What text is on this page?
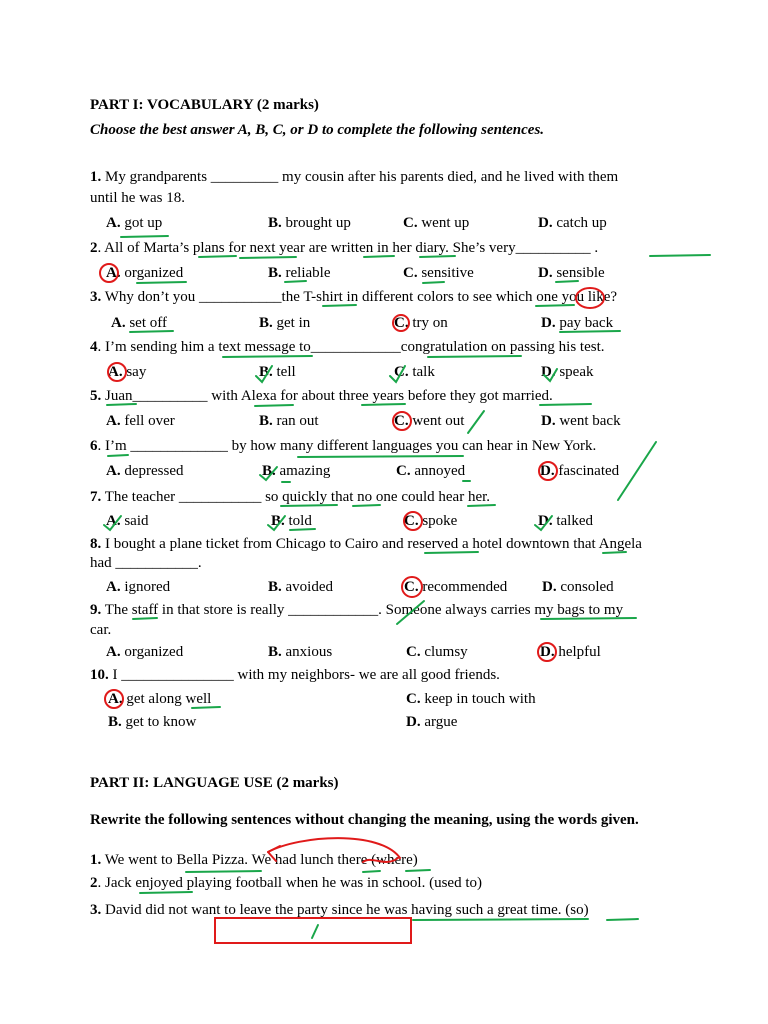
PART I: VOCABULARY (2 marks)
Choose the best answer A, B, C, or D to complete the following sentences.
1. My grandparents _________ my cousin after his parents died, and he lived with them
until he was 18.
A. got up	B. brought up	C. went up	D. catch up
2. All of Marta’s plans for next year are written in her diary. She’s very__________ .
A. organized	B. reliable	C. sensitive	D. sensible
3. Why don’t you ___________the T-shirt in different colors to see which one you like?
A. set off	B. get in	C. try on	D. pay back
4. I’m sending him a text message to____________congratulation on passing his test.
A. say	B. tell	C. talk	D. speak
5. Juan__________ with Alexa for about three years before they got married.
A. fell over	B. ran out	C. went out	D. went back
6. I’m _____________ by how many different languages you can hear in New York.
A. depressed	B. amazing	C. annoyed	D. fascinated
7. The teacher ___________ so quickly that no one could hear her.
A. said	B. told	C. spoke	D. talked
8. I bought a plane ticket from Chicago to Cairo and reserved a hotel downtown that Angela
had ___________.
A. ignored	B. avoided	C. recommended D. consoled
9. The staff in that store is really ____________. Someone always carries my bags to my
car.
A. organized	B. anxious	C. clumsy	D. helpful
10. I _______________ with my neighbors- we are all good friends.
A. get along well	C. keep in touch with
B. get to know	D. argue
PART II: LANGUAGE USE (2 marks)
Rewrite the following sentences without changing the meaning, using the words given.
1. We went to Bella Pizza. We had lunch there (where)
2. Jack enjoyed playing football when he was in school. (used to)
3. David did not want to leave the party since he was having such a great time. (so)
